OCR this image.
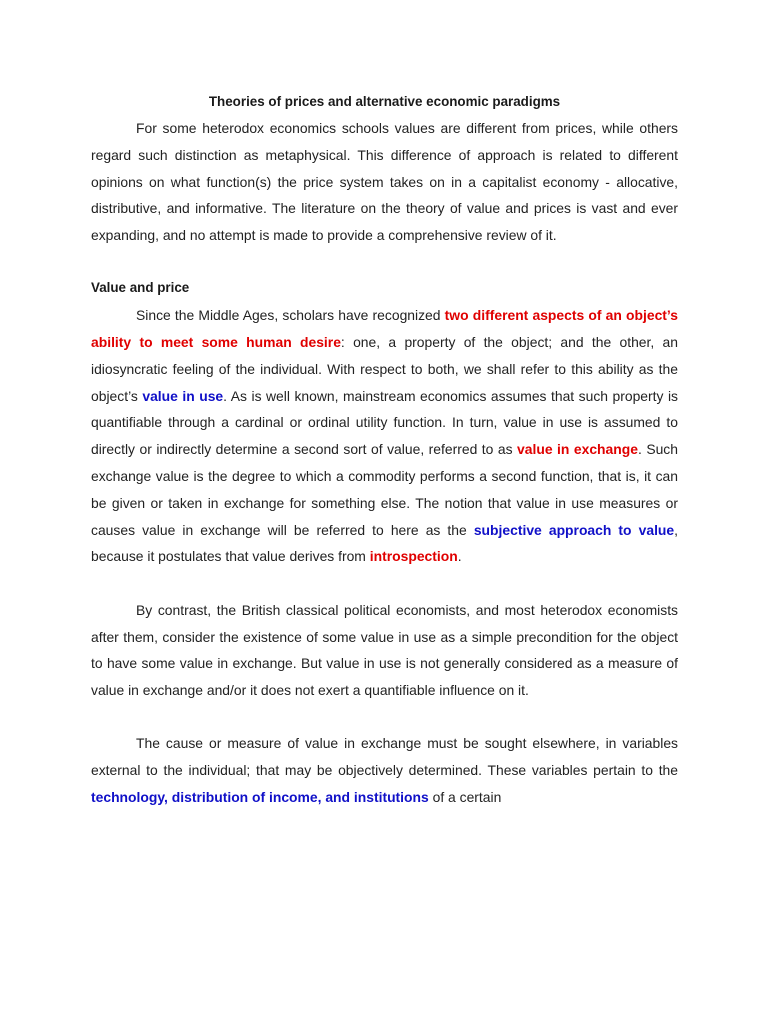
Theories of prices and alternative economic paradigms

For some heterodox economics schools values are different from prices, while others regard such distinction as metaphysical. This difference of approach is related to different opinions on what function(s) the price system takes on in a capitalist economy - allocative, distributive, and informative. The literature on the theory of value and prices is vast and ever expanding, and no attempt is made to provide a comprehensive review of it.

Value and price

Since the Middle Ages, scholars have recognized two different aspects of an object’s ability to meet some human desire: one, a property of the object; and the other, an idiosyncratic feeling of the individual. With respect to both, we shall refer to this ability as the object’s value in use. As is well known, mainstream economics assumes that such property is quantifiable through a cardinal or ordinal utility function. In turn, value in use is assumed to directly or indirectly determine a second sort of value, referred to as value in exchange. Such exchange value is the degree to which a commodity performs a second function, that is, it can be given or taken in exchange for something else. The notion that value in use measures or causes value in exchange will be referred to here as the subjective approach to value, because it postulates that value derives from introspection.

By contrast, the British classical political economists, and most heterodox economists after them, consider the existence of some value in use as a simple precondition for the object to have some value in exchange. But value in use is not generally considered as a measure of value in exchange and/or it does not exert a quantifiable influence on it.

The cause or measure of value in exchange must be sought elsewhere, in variables external to the individual; that may be objectively determined. These variables pertain to the technology, distribution of income, and institutions of a certain
